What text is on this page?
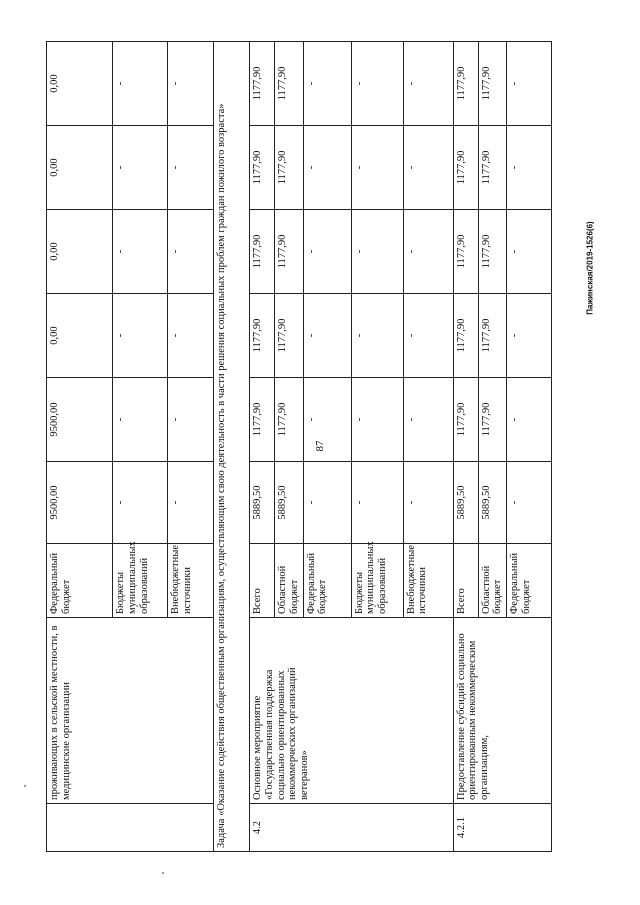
87
Пажинская/2019-1526(6)
	проживающих в сельской местности, в медицинские организации	Федеральный бюджет	9500,00	9500,00	0,00	0,00	0,00	0,00
		Бюджеты муниципальных образований	-	-	-	-	-	-
		Внебюджетные источники	-	-	-	-	-	-
Задача «Оказание содействия общественным организациям, осуществляющим свою деятельность в части решения социальных проблем граждан пожилого возраста»								
4.2	Основное мероприятие «Государственная поддержка социально ориентированных некоммерческих организаций ветеранов»	Всего	5889,50	1177,90	1177,90	1177,90	1177,90	1177,90
		Областной бюджет	5889,50	1177,90	1177,90	1177,90	1177,90	1177,90
		Федеральный бюджет	-	-	-	-	-	-
		Бюджеты муниципальных образований	-	-	-	-	-	-
		Внебюджетные источники	-	-	-	-	-	-
4.2.1	Предоставление субсидий социально ориентированным некоммерческим организациям,	Всего	5889,50	1177,90	1177,90	1177,90	1177,90	1177,90
		Областной бюджет	5889,50	1177,90	1177,90	1177,90	1177,90	1177,90
		Федеральный бюджет	-	-	-	-	-	-
